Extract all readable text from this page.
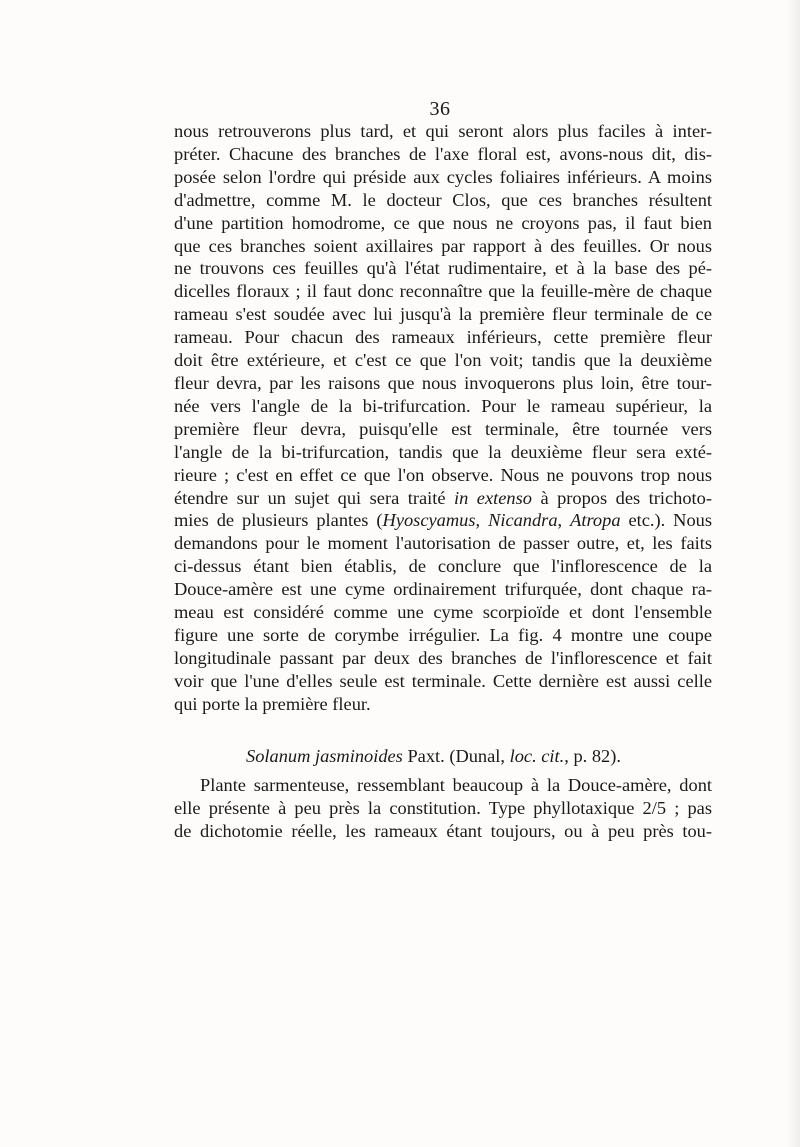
36
nous retrouverons plus tard, et qui seront alors plus faciles à inter-
préter. Chacune des branches de l'axe floral est, avons-nous dit, dis-
posée selon l'ordre qui préside aux cycles foliaires inférieurs. A moins
d'admettre, comme M. le docteur Clos, que ces branches résultent
d'une partition homodrome, ce que nous ne croyons pas, il faut bien
que ces branches soient axillaires par rapport à des feuilles. Or nous
ne trouvons ces feuilles qu'à l'état rudimentaire, et à la base des pé-
dicelles floraux ; il faut donc reconnaître que la feuille-mère de chaque
rameau s'est soudée avec lui jusqu'à la première fleur terminale de ce
rameau. Pour chacun des rameaux inférieurs, cette première fleur
doit être extérieure, et c'est ce que l'on voit; tandis que la deuxième
fleur devra, par les raisons que nous invoquerons plus loin, être tour-
née vers l'angle de la bi-trifurcation. Pour le rameau supérieur, la
première fleur devra, puisqu'elle est terminale, être tournée vers
l'angle de la bi-trifurcation, tandis que la deuxième fleur sera exté-
rieure ; c'est en effet ce que l'on observe. Nous ne pouvons trop nous
étendre sur un sujet qui sera traité in extenso à propos des trichoto-
mies de plusieurs plantes (Hyoscyamus, Nicandra, Atropa etc.). Nous
demandons pour le moment l'autorisation de passer outre, et, les faits
ci-dessus étant bien établis, de conclure que l'inflorescence de la
Douce-amère est une cyme ordinairement trifurquée, dont chaque ra-
meau est considéré comme une cyme scorpioïde et dont l'ensemble
figure une sorte de corymbe irrégulier. La fig. 4 montre une coupe
longitudinale passant par deux des branches de l'inflorescence et fait
voir que l'une d'elles seule est terminale. Cette dernière est aussi celle
qui porte la première fleur.
Solanum jasminoides Paxt. (Dunal, loc. cit., p. 82).
Plante sarmenteuse, ressemblant beaucoup à la Douce-amère, dont
elle présente à peu près la constitution. Type phyllotaxique 2/5 ; pas
de dichotomie réelle, les rameaux étant toujours, ou à peu près tou-
